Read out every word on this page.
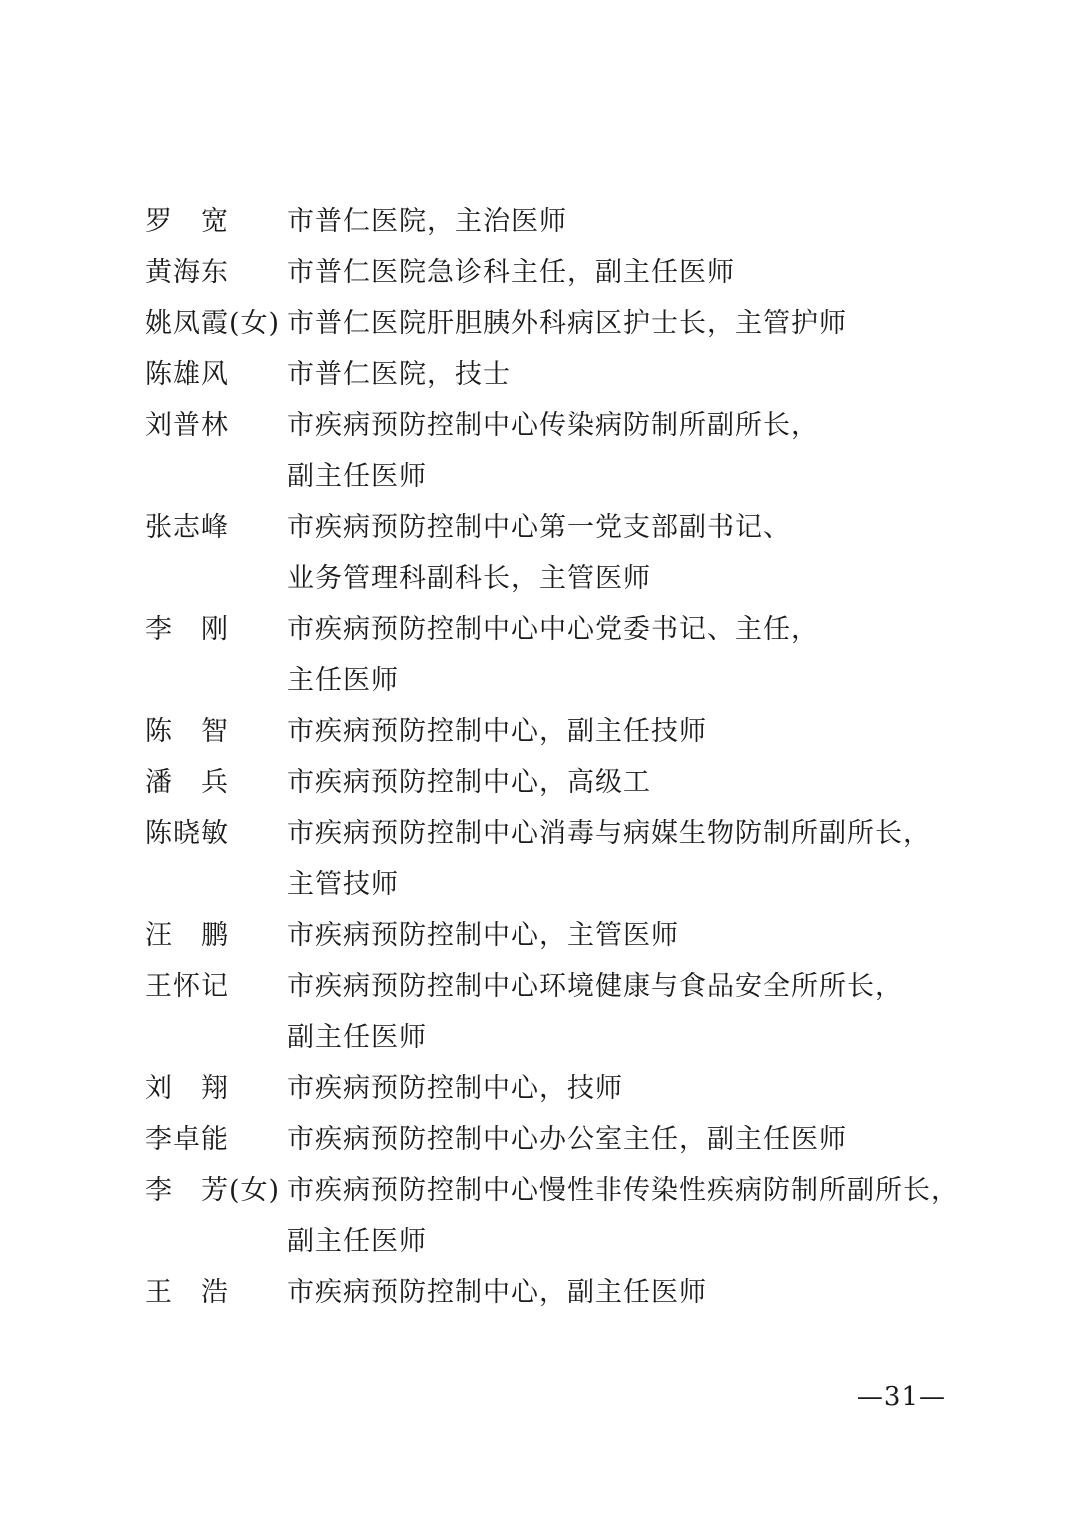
罗　宽	市普仁医院，主治医师
黄海东	市普仁医院急诊科主任，副主任医师
姚凤霞(女) 市普仁医院肝胆胰外科病区护士长，主管护师
陈雄风	市普仁医院，技士
刘普林	市疾病预防控制中心传染病防制所副所长，
副主任医师
张志峰	市疾病预防控制中心第一党支部副书记、
业务管理科副科长，主管医师
李　刚	市疾病预防控制中心中心党委书记、主任，
主任医师
陈　智	市疾病预防控制中心，副主任技师
潘　兵	市疾病预防控制中心，高级工
陈晓敏	市疾病预防控制中心消毒与病媒生物防制所副所长，
主管技师
汪　鹏	市疾病预防控制中心，主管医师
王怀记	市疾病预防控制中心环境健康与食品安全所所长，
副主任医师
刘　翔	市疾病预防控制中心，技师
李卓能	市疾病预防控制中心办公室主任，副主任医师
李　芳(女) 市疾病预防控制中心慢性非传染性疾病防制所副所长，
副主任医师
王　浩	市疾病预防控制中心，副主任医师
—31—
